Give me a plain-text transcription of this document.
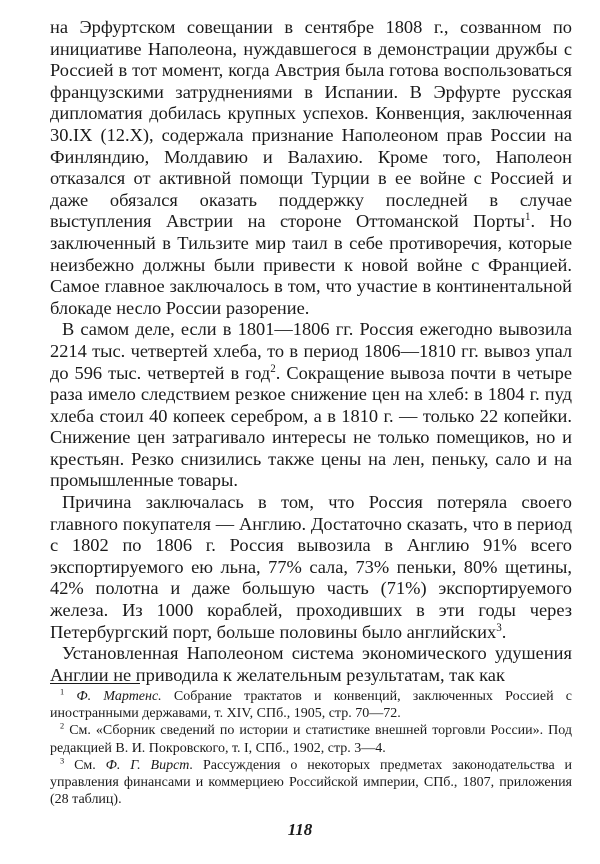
на Эрфуртском совещании в сентябре 1808 г., созванном по инициативе Наполеона, нуждавшегося в демонстрации дружбы с Россией в тот момент, когда Австрия была готова воспользоваться французскими затруднениями в Испании. В Эрфурте русская дипломатия добилась крупных успехов. Конвенция, заключенная 30.IX (12.X), содержала признание Наполеоном прав России на Финляндию, Молдавию и Валахию. Кроме того, Наполеон отказался от активной помощи Турции в ее войне с Россией и даже обязался оказать поддержку последней в случае выступления Австрии на стороне Оттоманской Порты$^1$. Но заключенный в Тильзите мир таил в себе противоречия, которые неизбежно должны были привести к новой войне с Францией. Самое главное заключалось в том, что участие в континентальной блокаде несло России разорение.

В самом деле, если в 1801—1806 гг. Россия ежегодно вывозила 2214 тыс. четвертей хлеба, то в период 1806—1810 гг. вывоз упал до 596 тыс. четвертей в год$^2$. Сокращение вывоза почти в четыре раза имело следствием резкое снижение цен на хлеб: в 1804 г. пуд хлеба стоил 40 копеек серебром, а в 1810 г. — только 22 копейки. Снижение цен затрагивало интересы не только помещиков, но и крестьян. Резко снизились также цены на лен, пеньку, сало и на промышленные товары.

Причина заключалась в том, что Россия потеряла своего главного покупателя — Англию. Достаточно сказать, что в период с 1802 по 1806 г. Россия вывозила в Англию 91% всего экспортируемого ею льна, 77% сала, 73% пеньки, 80% щетины, 42% полотна и даже большую часть (71%) экспортируемого железа. Из 1000 кораблей, проходивших в эти годы через Петербургский порт, больше половины было английских$^3$.

Установленная Наполеоном система экономического удушения Англии не приводила к желательным результатам, так как

$^1$ Ф. Мартенс. Собрание трактатов и конвенций, заключенных Россией с иностранными державами, т. XIV, СПб., 1905, стр. 70—72.

$^2$ См. «Сборник сведений по истории и статистике внешней торговли России». Под редакцией В. И. Покровского, т. I, СПб., 1902, стр. 3—4.

$^3$ См. Ф. Г. Вирст. Рассуждения о некоторых предметах законодательства и управления финансами и коммерциею Российской империи, СПб., 1807, приложения (28 таблиц).

118
